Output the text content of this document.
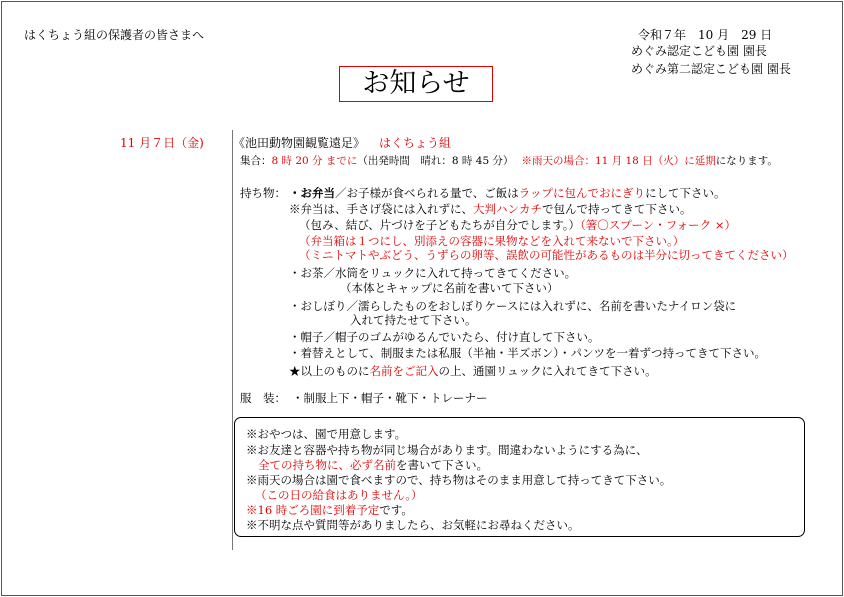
はくちょう組の保護者の皆さまへ	令和７年　10 月　29 日
めぐみ認定こども園 園長
めぐみ第二認定こども園 園長
お知らせ
11 月７日（金) 《池田動物園観覧遠足》 はくちょう組
集合：8 時 20 分 までに（出発時間　晴れ：8 時 45 分） ※雨天の場合：11 月 18 日（火）に延期になります。
持ち物： ・お弁当／お子様が食べられる量で、ご飯はラップに包んでおにぎりにして下さい。
※弁当は、手さげ袋には入れずに、大判ハンカチで包んで持ってきて下さい。
（包み、結び、片づけを子どもたちが自分でします。）（箸〇スプーン・フォーク ×）
（弁当箱は１つにし、別添えの容器に果物などを入れて来ないで下さい。）
（ミニトマトやぶどう、うずらの卵等、誤飲の可能性があるものは半分に切ってきてください）
・お茶／水筒をリュックに入れて持ってきてください。
（本体とキャップに名前を書いて下さい）
・おしぼり／濡らしたものをおしぼりケースには入れずに、名前を書いたナイロン袋に
入れて持たせて下さい。
・帽子／帽子のゴムがゆるんでいたら、付け直して下さい。
・着替えとして、制服または私服（半袖・半ズボン）・パンツを一着ずつ持ってきて下さい。
★以上のものに名前をご記入の上、通園リュックに入れてきて下さい。
服　装： ・制服上下・帽子・靴下・トレーナー
※おやつは、園で用意します。
※お友達と容器や持ち物が同じ場合があります。間違わないようにする為に、
全ての持ち物に、必ず名前を書いて下さい。
※雨天の場合は園で食べますので、持ち物はそのまま用意して持ってきて下さい。
（この日の給食はありません。）
※16 時ごろ園に到着予定です。
※不明な点や質問等がありましたら、お気軽にお尋ねください。
